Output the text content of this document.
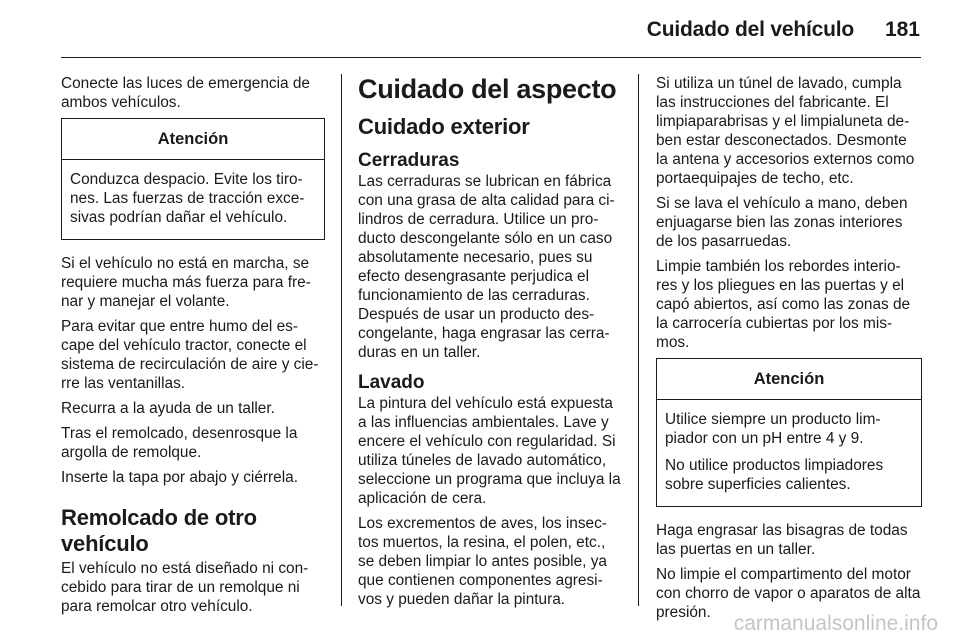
Cuidado del vehículo 181

Conecte las luces de emergencia de ambos vehículos.

Atención

Conduzca despacio. Evite los tiro- nes. Las fuerzas de tracción exce- sivas podrían dañar el vehículo.

Si el vehículo no está en marcha, se requiere mucha más fuerza para fre- nar y manejar el volante.

Para evitar que entre humo del es- cape del vehículo tractor, conecte el sistema de recirculación de aire y cie- rre las ventanillas.

Recurra a la ayuda de un taller.

Tras el remolcado, desenrosque la argolla de remolque.

Inserte la tapa por abajo y ciérrela.

Remolcado de otro vehículo

El vehículo no está diseñado ni con- cebido para tirar de un remolque ni para remolcar otro vehículo.

Cuidado del aspecto
Cuidado exterior
Cerraduras

Las cerraduras se lubrican en fábrica con una grasa de alta calidad para ci- lindros de cerradura. Utilice un pro- ducto descongelante sólo en un caso absolutamente necesario, pues su efecto desengrasante perjudica el funcionamiento de las cerraduras. Después de usar un producto des- congelante, haga engrasar las cerra- duras en un taller.

Lavado

La pintura del vehículo está expuesta a las influencias ambientales. Lave y encere el vehículo con regularidad. Si utiliza túneles de lavado automático, seleccione un programa que incluya la aplicación de cera.

Los excrementos de aves, los insec- tos muertos, la resina, el polen, etc., se deben limpiar lo antes posible, ya que contienen componentes agresi- vos y pueden dañar la pintura.

Si utiliza un túnel de lavado, cumpla las instrucciones del fabricante. El limpiaparabrisas y el limpialuneta de- ben estar desconectados. Desmonte la antena y accesorios externos como portaequipajes de techo, etc.

Si se lava el vehículo a mano, deben enjuagarse bien las zonas interiores de los pasarruedas.

Limpie también los rebordes interio- res y los pliegues en las puertas y el capó abiertos, así como las zonas de la carrocería cubiertas por los mis- mos.

Atención

Utilice siempre un producto lim- piador con un pH entre 4 y 9.

No utilice productos limpiadores sobre superficies calientes.

Haga engrasar las bisagras de todas las puertas en un taller.

No limpie el compartimento del motor con chorro de vapor o aparatos de alta presión.	carmanualsonline.info
